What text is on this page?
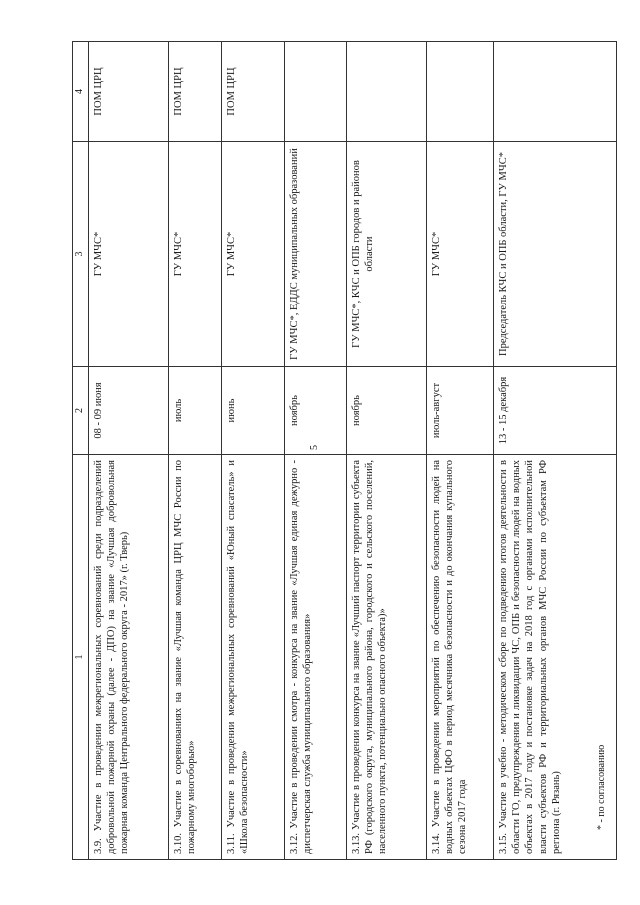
5
1	2	3	4
3.9. Участие в проведении межрегиональных соревнований среди подразделений добровольной пожарной охраны (далее - ДПО) на звание «Лучшая добровольная пожарная команда Центрального федерального округа - 2017» (г. Тверь)	08 - 09 июня	ГУ МЧС*	ПОМ ЦРЦ
3.10. Участие в соревнованиях на звание «Лучшая команда ЦРЦ МЧС России по пожарному многоборью»	июль	ГУ МЧС*	ПОМ ЦРЦ
3.11. Участие в проведении межрегиональных соревнований «Юный спасатель» и «Школа безопасности»	июнь	ГУ МЧС*	ПОМ ЦРЦ
3.12. Участие в проведении смотра - конкурса на звание «Лучшая единая дежурно - диспетчерская служба муниципального образования»	ноябрь	ГУ МЧС*, ЕДДС муниципальных образований	
3.13. Участие в проведении конкурса на звание «Лучший паспорт территории субъекта РФ (городского округа, муниципального района, городского и сельского поселений, населенного пункта, потенциально опасного объекта)»	ноябрь	ГУ МЧС*, КЧС и ОПБ городов и районов области	
3.14. Участие в проведении мероприятий по обеспечению безопасности людей на водных объектах ЦФО в период месячника безопасности и до окончания купального сезона 2017 года	июль-август	ГУ МЧС*	
3.15. Участие в учебно - методическом сборе по подведению итогов деятельности в области ГО, предупреждения и ликвидации ЧС, ОПБ и безопасности людей на водных объектах в 2017 году и постановке задач на 2018 год с органами исполнительной власти субъектов РФ и территориальных органов МЧС России по субъектам РФ региона (г. Рязань)	13 - 15 декабря	Председатель КЧС и ОПБ области, ГУ МЧС*	
* - по согласованию
